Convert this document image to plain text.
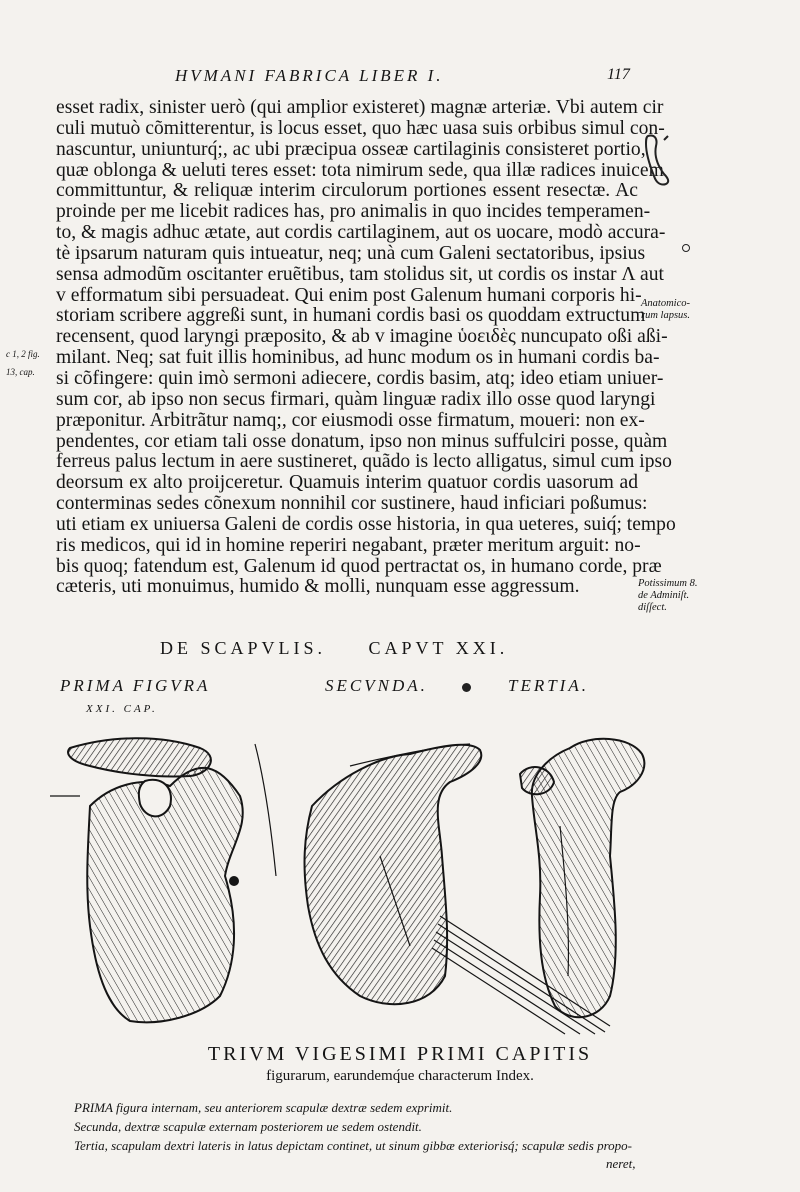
HVMANI FABRICA LIBER I.	117
esset radix, sinister uerò (qui amplior existeret) magnæ arteriæ. Vbi autem cir
culi mutuò cõmitterentur, is locus esset, quo hæc uasa suis orbibus simul con-
nascuntur, uniunturq́;, ac ubi præcipua osseæ cartilaginis consisteret portio,
quæ oblonga & ueluti teres esset: tota nimirum sede, qua illæ radices inuicem
committuntur, & reliquæ interim circulorum portiones essent resectæ. Ac
proinde per me licebit radices has, pro animalis in quo incides temperamen-
to, & magis adhuc ætate, aut cordis cartilaginem, aut os uocare, modò accura-
tè ipsarum naturam quis intueatur, neq; unà cum Galeni sectatoribus, ipsius
sensa admodũm oscitanter eruẽtibus, tam stolidus sit, ut cordis os instar Λ aut
v efformatum sibi persuadeat. Qui enim post Galenum humani corporis hi-
storiam scribere aggreßi sunt, in humani cordis basi os quoddam extructum
recensent, quod laryngi præposito, & ab v imagine ὑοειδὲς nuncupato oßi aßi-
milant. Neq; sat fuit illis hominibus, ad hunc modum os in humani cordis ba-
si cõfingere: quin imò sermoni adiecere, cordis basim, atq; ideo etiam uniuer-
sum cor, ab ipso non secus firmari, quàm linguæ radix illo osse quod laryngi
præponitur. Arbitrãtur namq;, cor eiusmodi osse firmatum, moueri: non ex-
pendentes, cor etiam tali osse donatum, ipso non minus suffulciri posse, quàm
ferreus palus lectum in aere sustineret, quãdo is lecto alligatus, simul cum ipso
deorsum ex alto proijceretur. Quamuis interim quatuor cordis uasorum ad
conterminas sedes cõnexum nonnihil cor sustinere, haud inficiari poßumus:
uti etiam ex uniuersa Galeni de cordis osse historia, in qua ueteres, suiq́; tempo
ris medicos, qui id in homine reperiri negabant, præter meritum arguit: no-
bis quoq; fatendum est, Galenum id quod pertractat os, in humano corde, præ
cæteris, uti monuimus, humido & molli, nunquam esse aggressum.
Anatomico-
rum lapsus.
c 1, 2 fig.
13, cap.
Potissimum 8.
de Adminiſt.
diſſect.
DE SCAPVLIS.     CAPVT XXI.
PRIMA FIGVRA
XXI. CAP.
SECVNDA.	TERTIA.
TRIVM VIGESIMI PRIMI CAPITIS
figurarum, earundemq́ue characterum Index.
PRIMA figura internam, seu anteriorem scapulæ dextræ sedem exprimit.
Secunda, dextræ scapulæ externam posteriorem ue sedem ostendit.
Tertia, scapulam dextri lateris in latus depictam continet, ut sinum gibbæ exteriorisq́; scapulæ sedis propo-
neret,
